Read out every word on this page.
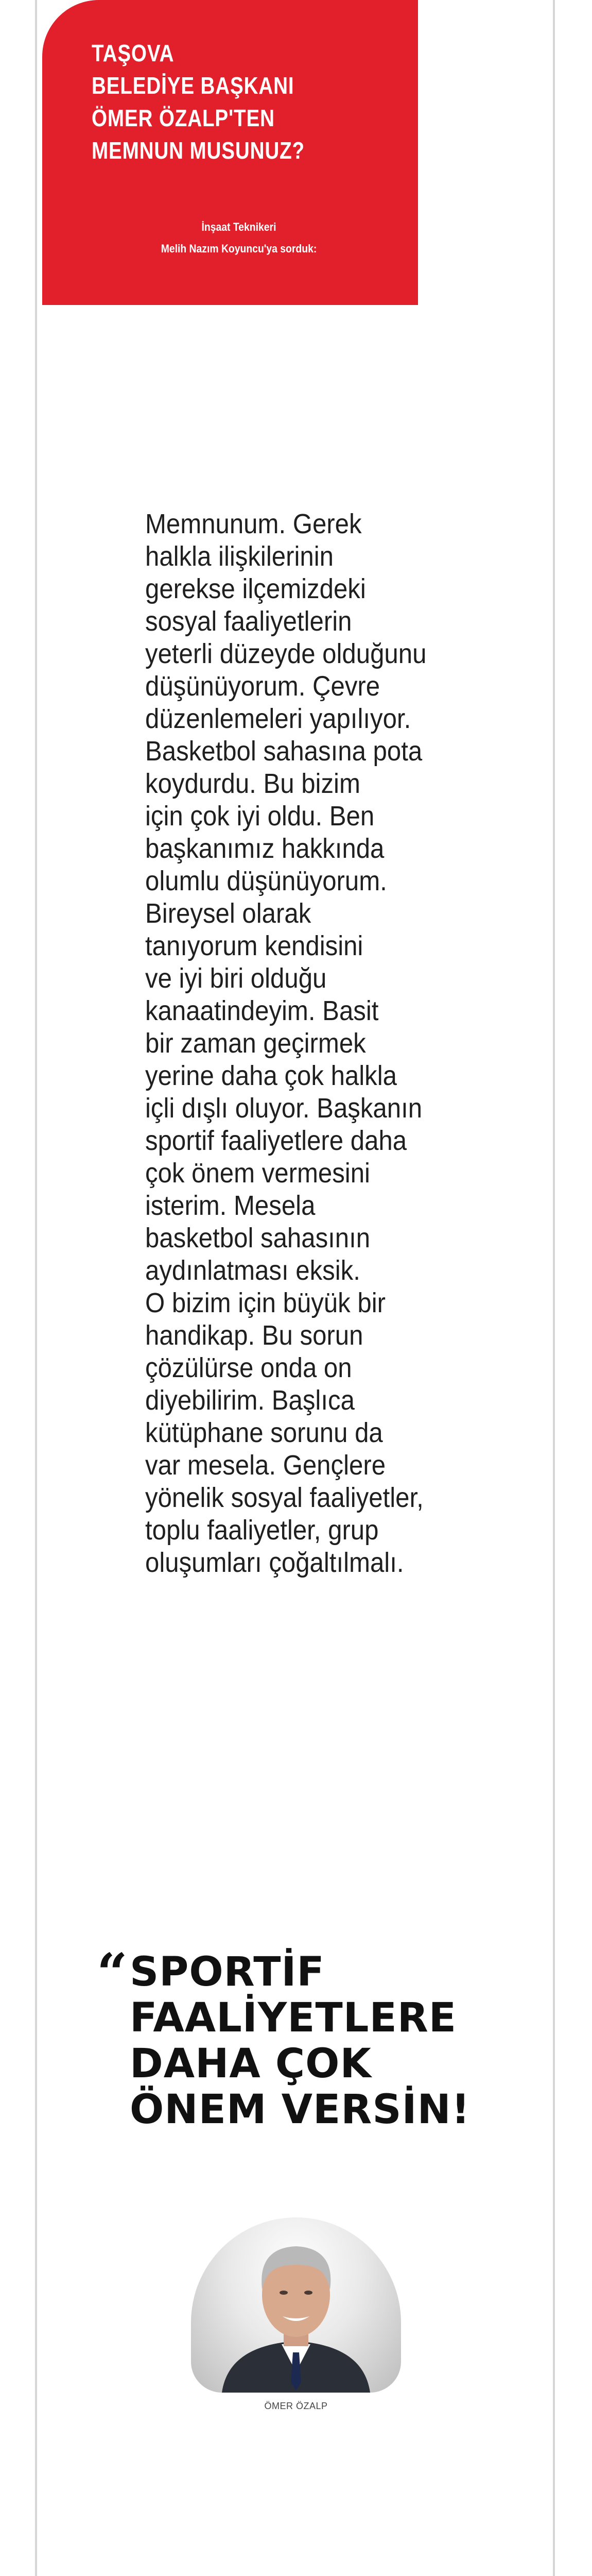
TAŞOVA
BELEDİYE BAŞKANI
ÖMER ÖZALP'TEN
MEMNUN MUSUNUZ?
İnşaat Teknikeri
Melih Nazım Koyuncu'ya sorduk:

Memnunum. Gerek
halkla ilişkilerinin
gerekse ilçemizdeki
sosyal faaliyetlerin
yeterli düzeyde olduğunu
düşünüyorum. Çevre
düzenlemeleri yapılıyor.
Basketbol sahasına pota
koydurdu. Bu bizim
için çok iyi oldu. Ben
başkanımız hakkında
olumlu düşünüyorum.
Bireysel olarak
tanıyorum kendisini
ve iyi biri olduğu
kanaatindeyim. Basit
bir zaman geçirmek
yerine daha çok halkla
içli dışlı oluyor. Başkanın
sportif faaliyetlere daha
çok önem vermesini
isterim. Mesela
basketbol sahasının
aydınlatması eksik.
O bizim için büyük bir
handikap. Bu sorun
çözülürse onda on
diyebilirim. Başlıca
kütüphane sorunu da
var mesela. Gençlere
yönelik sosyal faaliyetler,
toplu faaliyetler, grup
oluşumları çoğaltılmalı.

“ SPORTİF
FAALİYETLERE
DAHA ÇOK
ÖNEM VERSİN!

ÖMER ÖZALP
